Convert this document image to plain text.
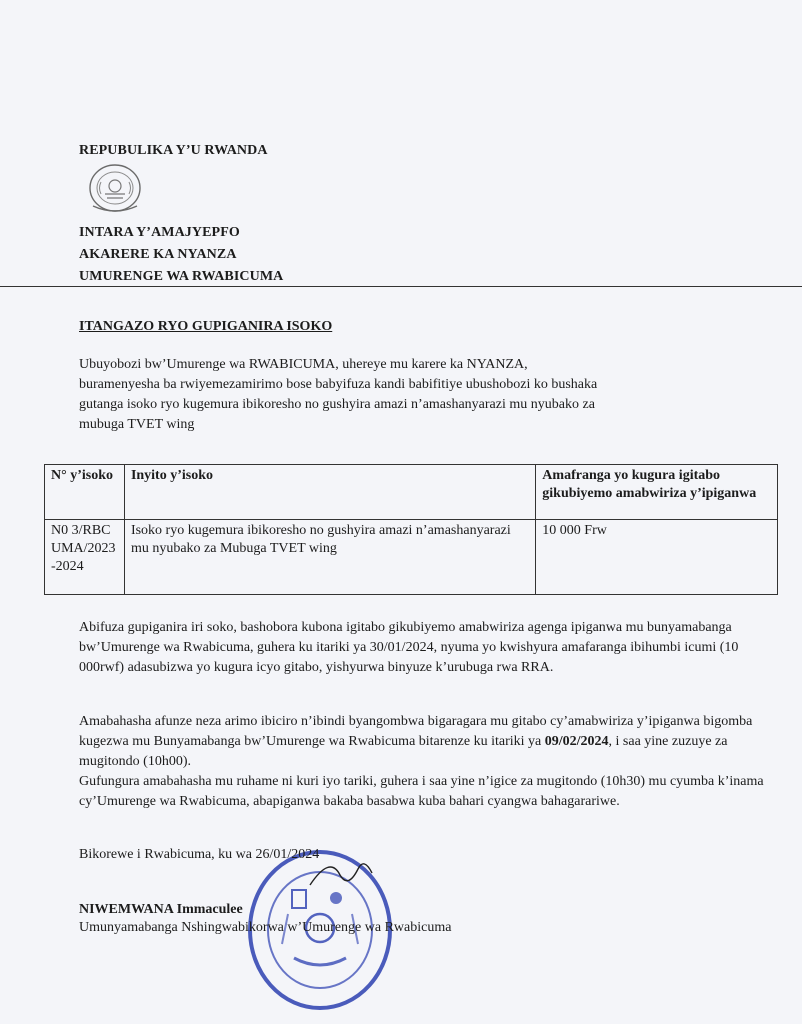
REPUBULIKA Y’U RWANDA
INTARA Y’AMAJYEPFO
AKARERE KA NYANZA
UMURENGE WA RWABICUMA
ITANGAZO RYO GUPIGANIRA ISOKO
Ubuyobozi bw’Umurenge wa RWABICUMA, uhereye mu karere ka NYANZA,
buramenyesha ba rwiyemezamirimo bose babyifuza kandi babifitiye ubushobozi ko bushaka
gutanga isoko ryo kugemura ibikoresho no gushyira amazi n’amashanyarazi mu nyubako za
mubuga TVET wing
N° y’isoko	Inyito y’isoko	Amafranga yo kugura igitabo gikubiyemo amabwiriza y’ipiganwa
N0 3/RBCUMA/2023-2024	Isoko ryo kugemura ibikoresho no gushyira amazi n’amashanyarazi mu nyubako za Mubuga TVET wing	10 000 Frw
Abifuza gupiganira iri soko, bashobora kubona igitabo gikubiyemo amabwiriza agenga ipiganwa mu bunyamabanga bw’Umurenge wa Rwabicuma, guhera ku itariki ya 30/01/2024, nyuma yo kwishyura amafaranga ibihumbi icumi (10 000rwf) adasubizwa yo kugura icyo gitabo, yishyurwa binyuze k’urubuga rwa RRA.
Amabahasha afunze neza arimo ibiciro n’ibindi byangombwa bigaragara mu gitabo cy’amabwiriza y’ipiganwa bigomba kugezwa mu Bunyamabanga bw’Umurenge wa Rwabicuma bitarenze ku itariki ya 09/02/2024, i saa yine zuzuye za mugitondo (10h00).
Gufungura amabahasha mu ruhame ni kuri iyo tariki, guhera i saa yine n’igice za mugitondo (10h30) mu cyumba k’inama cy’Umurenge wa Rwabicuma, abapiganwa bakaba basabwa kuba bahari cyangwa bahagarariwe.
Bikorewe i Rwabicuma, ku wa 26/01/2024
NIWEMWANA Immaculee
Umunyamabanga Nshingwabikorwa w’Umurenge wa Rwabicuma
